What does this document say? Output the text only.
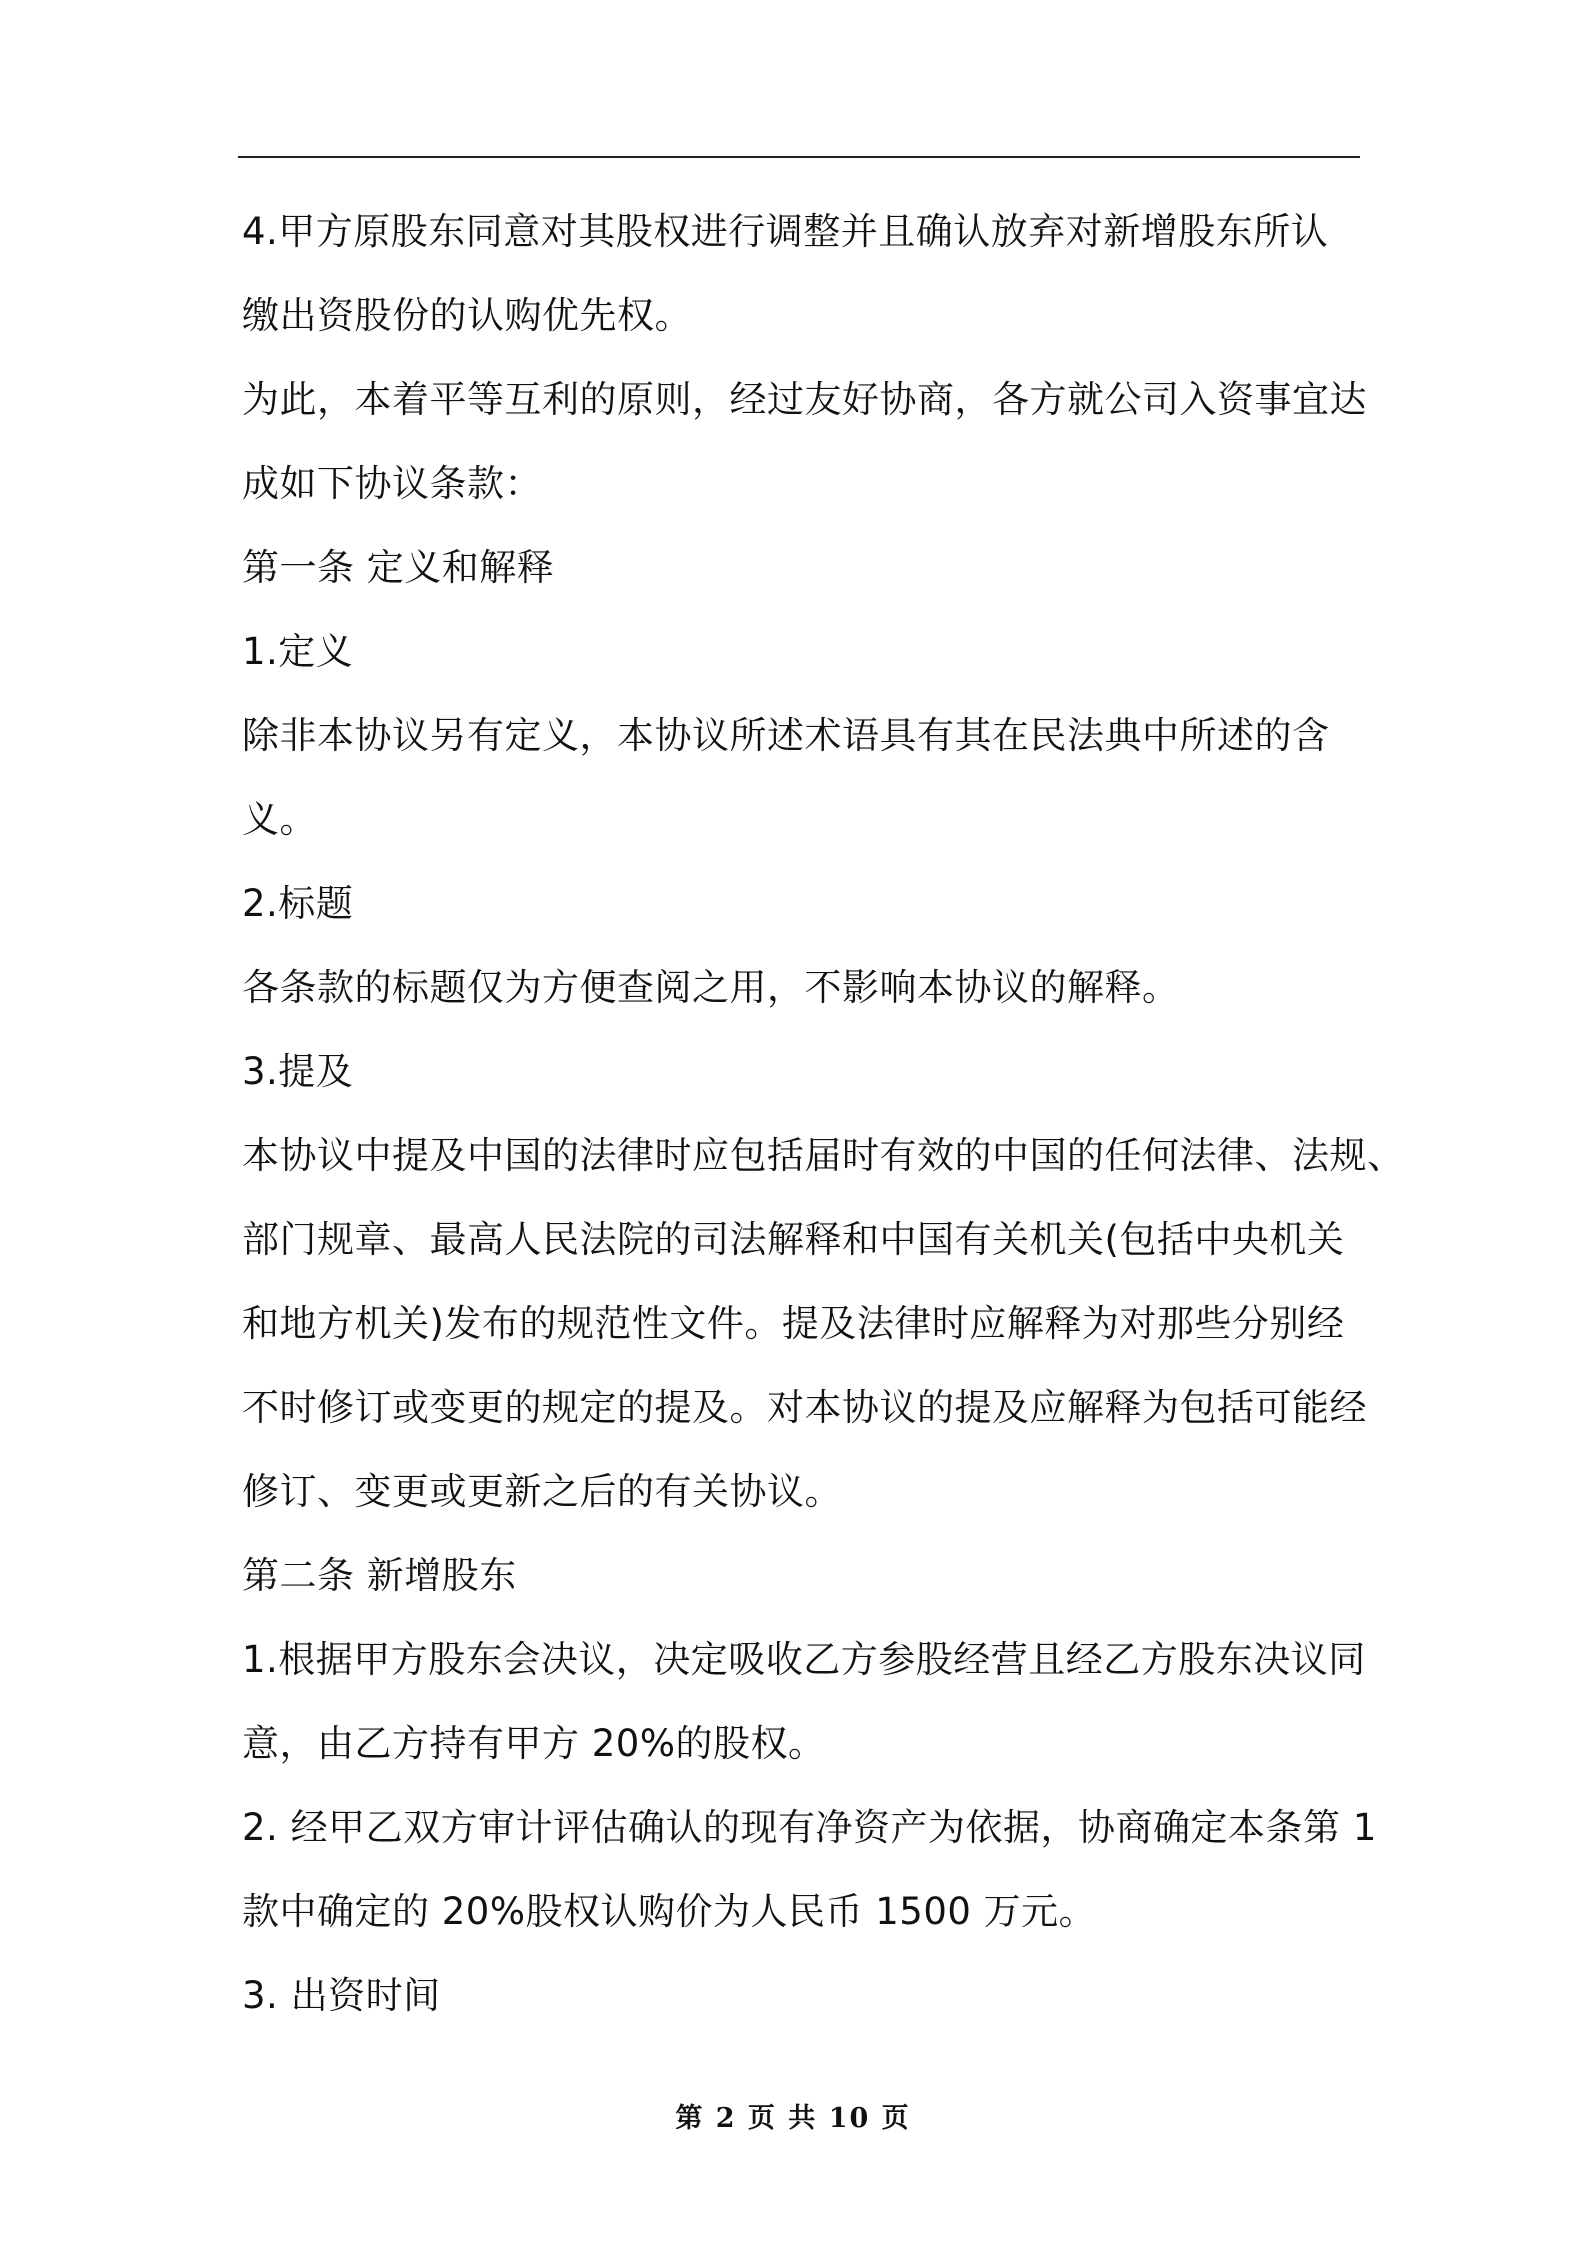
4.甲方原股东同意对其股权进行调整并且确认放弃对新增股东所认
缴出资股份的认购优先权。
为此，本着平等互利的原则，经过友好协商，各方就公司入资事宜达
成如下协议条款：
第一条 定义和解释
1.定义
除非本协议另有定义，本协议所述术语具有其在民法典中所述的含
义。
2.标题
各条款的标题仅为方便查阅之用，不影响本协议的解释。
3.提及
本协议中提及中国的法律时应包括届时有效的中国的任何法律、法规、
部门规章、最高人民法院的司法解释和中国有关机关(包括中央机关
和地方机关)发布的规范性文件。提及法律时应解释为对那些分别经
不时修订或变更的规定的提及。对本协议的提及应解释为包括可能经
修订、变更或更新之后的有关协议。
第二条 新增股东
1.根据甲方股东会决议，决定吸收乙方参股经营且经乙方股东决议同
意，由乙方持有甲方 20%的股权。
2. 经甲乙双方审计评估确认的现有净资产为依据，协商确定本条第 1
款中确定的 20%股权认购价为人民币 1500 万元。
3. 出资时间
第 2 页 共 10 页
